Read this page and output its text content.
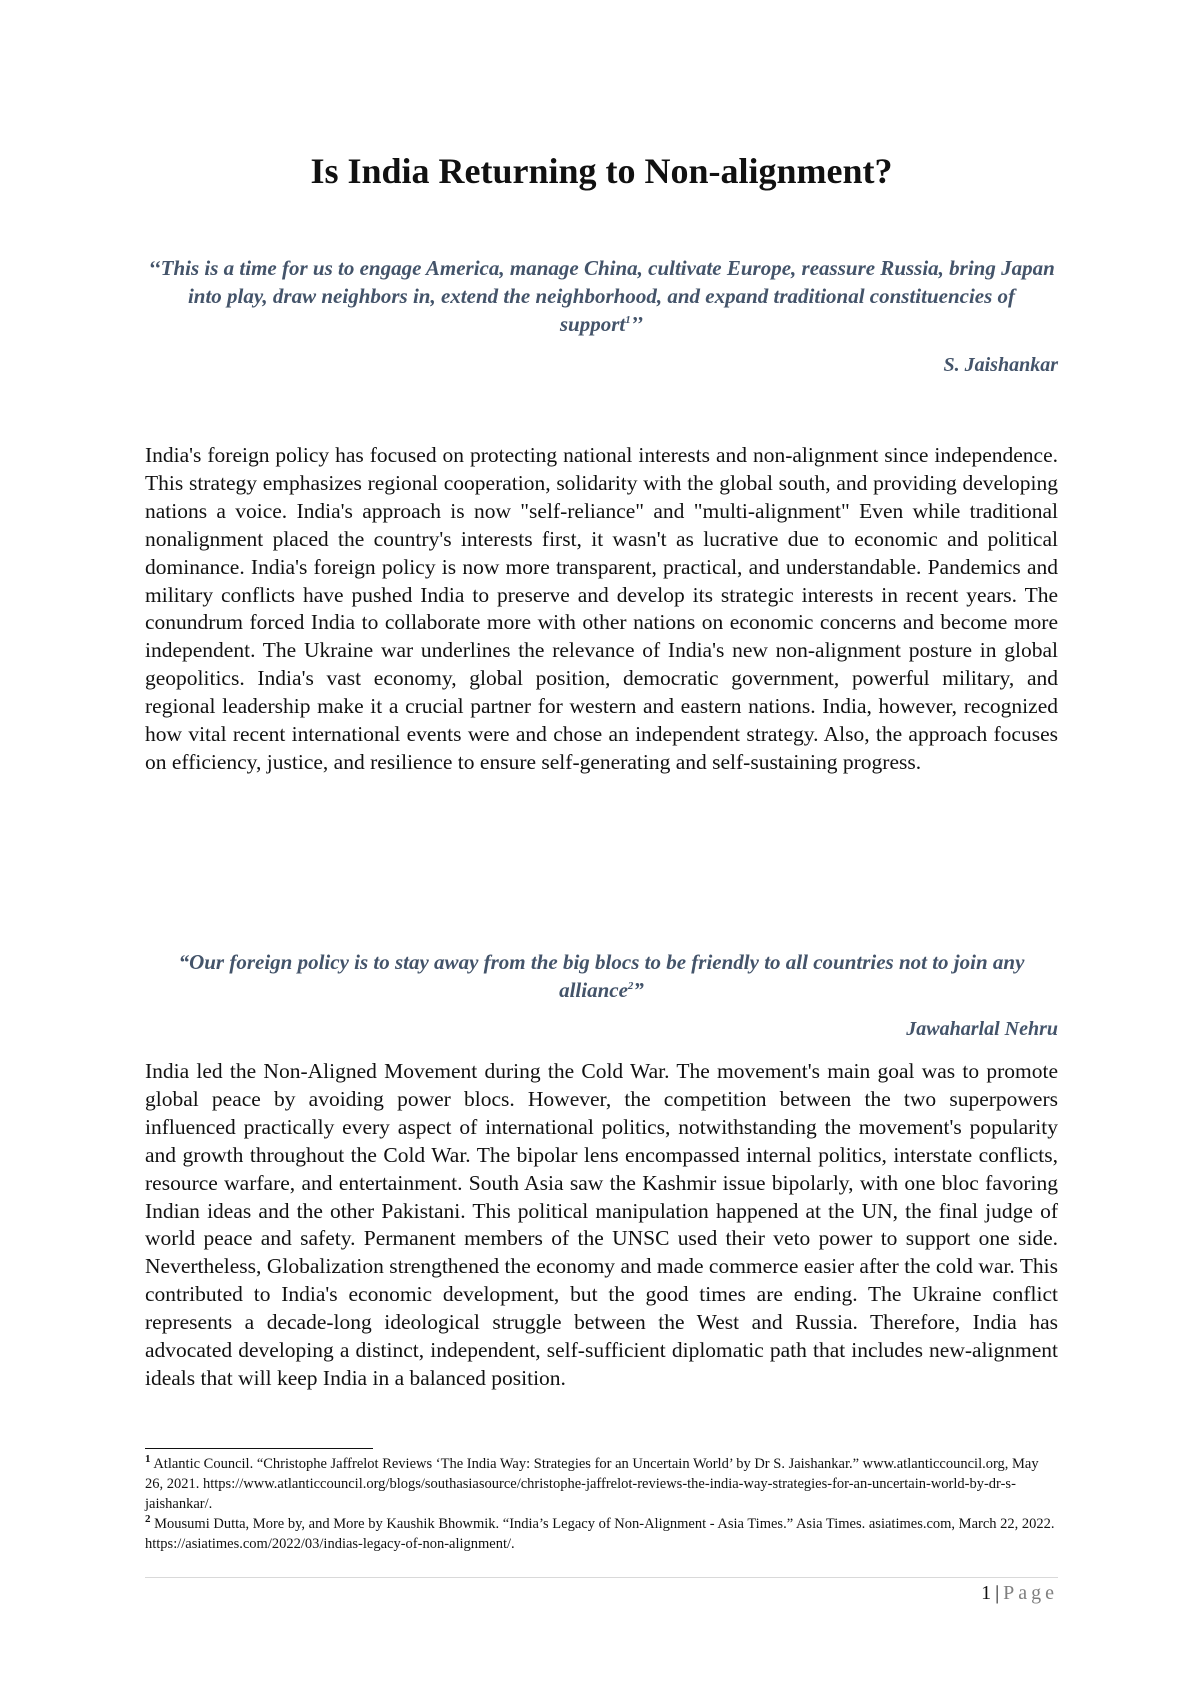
Is India Returning to Non-alignment?

‘‘This is a time for us to engage America, manage China, cultivate Europe, reassure Russia, bring Japan into play, draw neighbors in, extend the neighborhood, and expand traditional constituencies of support$^1$’’

S. Jaishankar

India's foreign policy has focused on protecting national interests and non-alignment since independence. This strategy emphasizes regional cooperation, solidarity with the global south, and providing developing nations a voice. India's approach is now "self-reliance" and "multi-alignment" Even while traditional nonalignment placed the country's interests first, it wasn't as lucrative due to economic and political dominance. India's foreign policy is now more transparent, practical, and understandable. Pandemics and military conflicts have pushed India to preserve and develop its strategic interests in recent years. The conundrum forced India to collaborate more with other nations on economic concerns and become more independent. The Ukraine war underlines the relevance of India's new non-alignment posture in global geopolitics. India's vast economy, global position, democratic government, powerful military, and regional leadership make it a crucial partner for western and eastern nations. India, however, recognized how vital recent international events were and chose an independent strategy. Also, the approach focuses on efficiency, justice, and resilience to ensure self-generating and self-sustaining progress.

“Our foreign policy is to stay away from the big blocs to be friendly to all countries not to join any alliance$^2$”

Jawaharlal Nehru

India led the Non-Aligned Movement during the Cold War. The movement's main goal was to promote global peace by avoiding power blocs. However, the competition between the two superpowers influenced practically every aspect of international politics, notwithstanding the movement's popularity and growth throughout the Cold War. The bipolar lens encompassed internal politics, interstate conflicts, resource warfare, and entertainment. South Asia saw the Kashmir issue bipolarly, with one bloc favoring Indian ideas and the other Pakistani. This political manipulation happened at the UN, the final judge of world peace and safety. Permanent members of the UNSC used their veto power to support one side. Nevertheless, Globalization strengthened the economy and made commerce easier after the cold war. This contributed to India's economic development, but the good times are ending. The Ukraine conflict represents a decade-long ideological struggle between the West and Russia. Therefore, India has advocated developing a distinct, independent, self-sufficient diplomatic path that includes new-alignment ideals that will keep India in a balanced position.

$^1$ Atlantic Council. “Christophe Jaffrelot Reviews ‘The India Way: Strategies for an Uncertain World’ by Dr S. Jaishankar.” www.atlanticcouncil.org, May 26, 2021. https://www.atlanticcouncil.org/blogs/southasiasource/christophe-jaffrelot-reviews-the-india-way-strategies-for-an-uncertain-world-by-dr-s-jaishankar/.

$^2$ Mousumi Dutta, More by, and More by Kaushik Bhowmik. “India’s Legacy of Non-Alignment - Asia Times.” Asia Times. asiatimes.com, March 22, 2022. https://asiatimes.com/2022/03/indias-legacy-of-non-alignment/.

1 | Page
